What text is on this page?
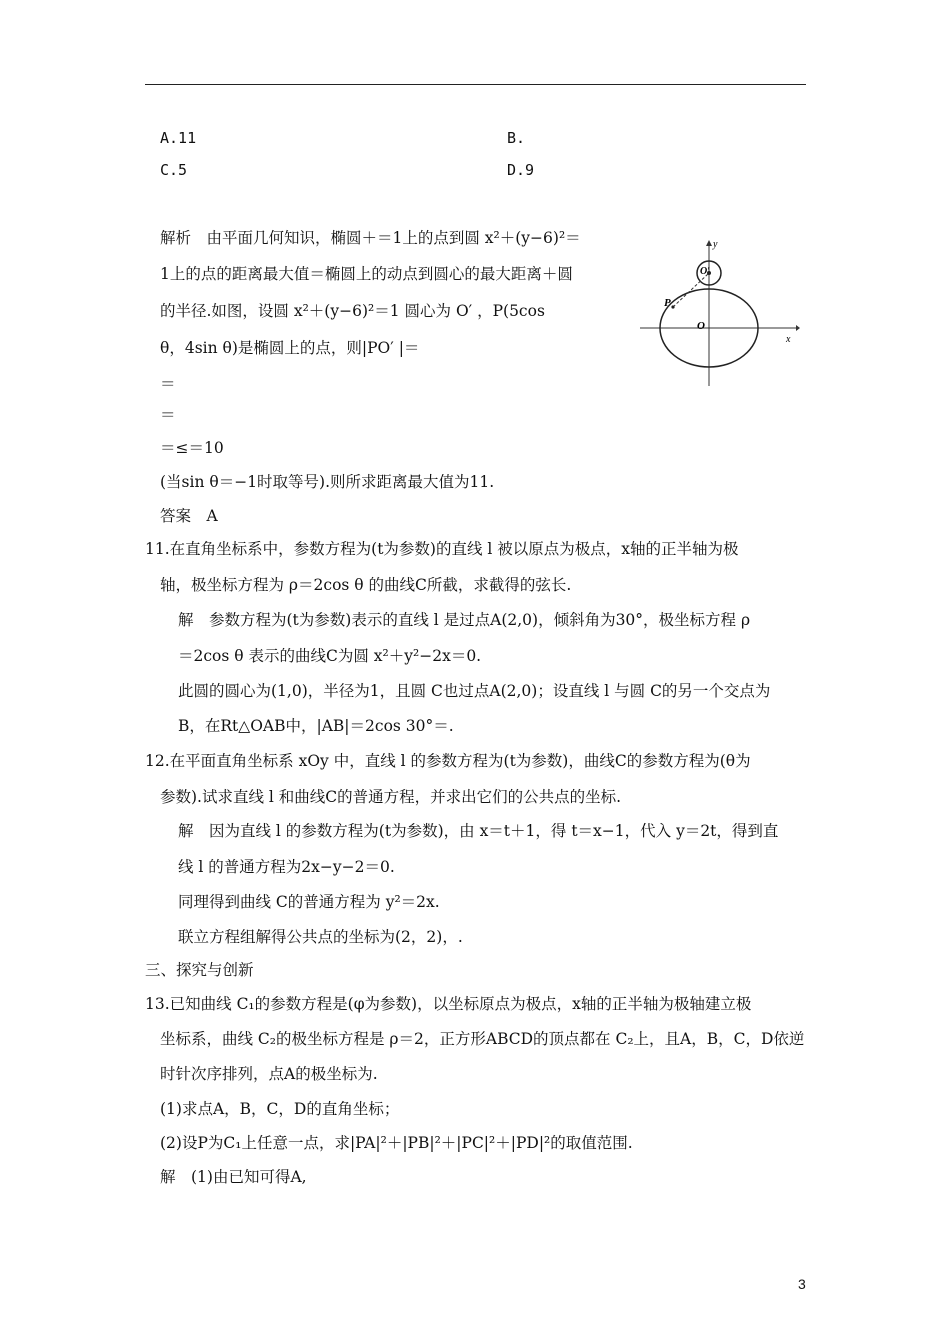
A.11	B.
C.5	D.9
解析　由平面几何知识，椭圆＋＝1上的点到圆 x²＋(y−6)²＝
1上的点的距离最大值＝椭圆上的动点到圆心的最大距离＋圆
的半径.如图，设圆 x²＋(y−6)²＝1 圆心为 O′ ，P(5cos
θ，4sin θ)是椭圆上的点，则|PO′ |＝
＝
＝
＝≤＝10
(当sin θ＝−1时取等号).则所求距离最大值为11.
答案　A
y
x
O
P
O′
11.在直角坐标系中，参数方程为(t为参数)的直线 l 被以原点为极点，x轴的正半轴为极
轴，极坐标方程为 ρ＝2cos θ 的曲线C所截，求截得的弦长.
解　参数方程为(t为参数)表示的直线 l 是过点A(2,0)，倾斜角为30°，极坐标方程 ρ
＝2cos θ 表示的曲线C为圆 x²＋y²−2x＝0.
此圆的圆心为(1,0)，半径为1，且圆 C也过点A(2,0)；设直线 l 与圆 C的另一个交点为
B，在Rt△OAB中，|AB|＝2cos 30°＝.
12.在平面直角坐标系 xOy 中，直线 l 的参数方程为(t为参数)，曲线C的参数方程为(θ为
参数).试求直线 l 和曲线C的普通方程，并求出它们的公共点的坐标.
解　因为直线 l 的参数方程为(t为参数)，由 x＝t＋1，得 t＝x−1，代入 y＝2t，得到直
线 l 的普通方程为2x−y−2＝0.
同理得到曲线 C的普通方程为 y²＝2x.
联立方程组解得公共点的坐标为(2，2)，.
三、探究与创新
13.已知曲线 C₁的参数方程是(φ为参数)，以坐标原点为极点，x轴的正半轴为极轴建立极
坐标系，曲线 C₂的极坐标方程是 ρ＝2，正方形ABCD的顶点都在 C₂上，且A，B，C，D依逆
时针次序排列，点A的极坐标为.
(1)求点A，B，C，D的直角坐标；
(2)设P为C₁上任意一点，求|PA|²＋|PB|²＋|PC|²＋|PD|²的取值范围.
解　(1)由已知可得A,
3
